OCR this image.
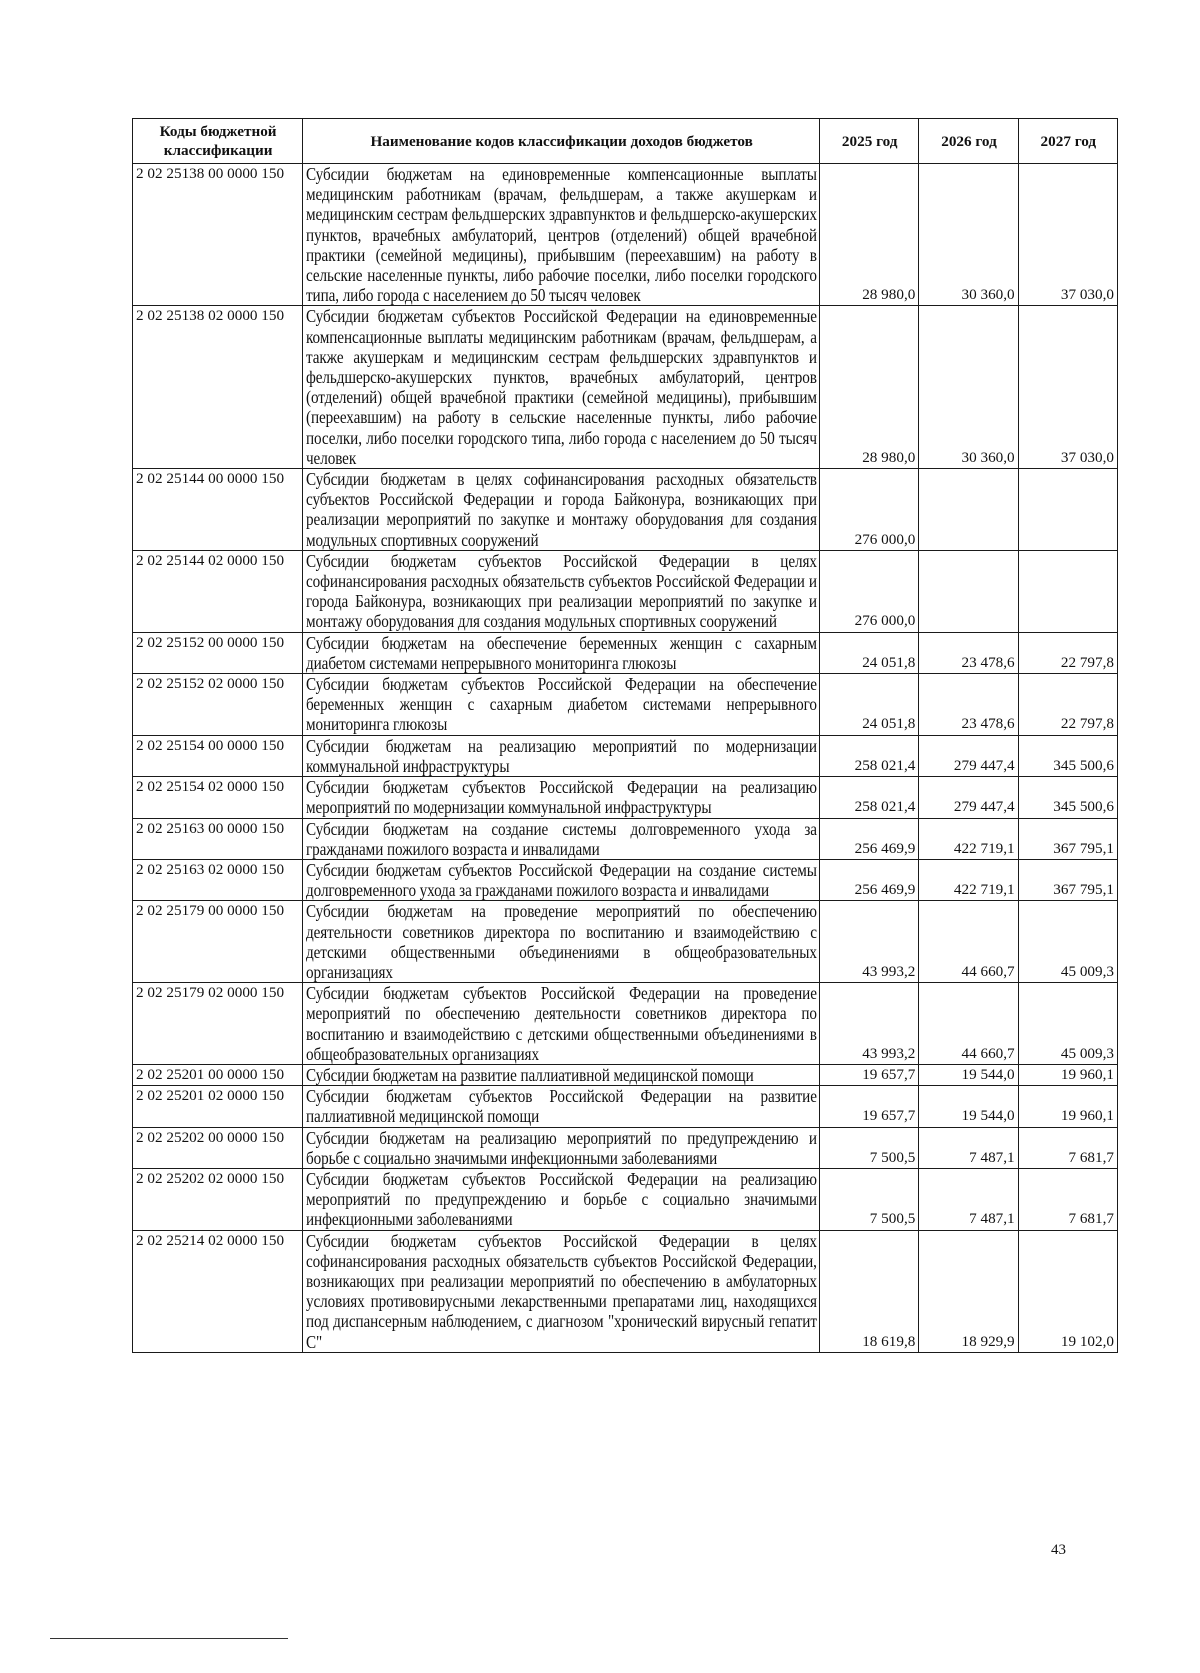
Коды бюджетной классификации	Наименование кодов классификации доходов бюджетов	2025 год	2026 год	2027 год
2 02 25138 00 0000 150	Субсидии бюджетам на единовременные компенсационные выплаты медицинским работникам (врачам, фельдшерам, а также акушеркам и медицинским сестрам фельдшерских здравпунктов и фельдшерско-акушерских пунктов, врачебных амбулаторий, центров (отделений) общей врачебной практики (семейной медицины), прибывшим (переехавшим) на работу в сельские населенные пункты, либо рабочие поселки, либо поселки городского типа, либо города с населением до 50 тысяч человек	28 980,0	30 360,0	37 030,0
2 02 25138 02 0000 150	Субсидии бюджетам субъектов Российской Федерации на единовременные компенсационные выплаты медицинским работникам (врачам, фельдшерам, а также акушеркам и медицинским сестрам фельдшерских здравпунктов и фельдшерско-акушерских пунктов, врачебных амбулаторий, центров (отделений) общей врачебной практики (семейной медицины), прибывшим (переехавшим) на работу в сельские населенные пункты, либо рабочие поселки, либо поселки городского типа, либо города с населением до 50 тысяч человек	28 980,0	30 360,0	37 030,0
2 02 25144 00 0000 150	Субсидии бюджетам в целях софинансирования расходных обязательств субъектов Российской Федерации и города Байконура, возникающих при реализации мероприятий по закупке и монтажу оборудования для создания модульных спортивных сооружений	276 000,0		
2 02 25144 02 0000 150	Субсидии бюджетам субъектов Российской Федерации в целях софинансирования расходных обязательств субъектов Российской Федерации и города Байконура, возникающих при реализации мероприятий по закупке и монтажу оборудования для создания модульных спортивных сооружений	276 000,0		
2 02 25152 00 0000 150	Субсидии бюджетам на обеспечение беременных женщин с сахарным диабетом системами непрерывного мониторинга глюкозы	24 051,8	23 478,6	22 797,8
2 02 25152 02 0000 150	Субсидии бюджетам субъектов Российской Федерации на обеспечение беременных женщин с сахарным диабетом системами непрерывного мониторинга глюкозы	24 051,8	23 478,6	22 797,8
2 02 25154 00 0000 150	Субсидии бюджетам на реализацию мероприятий по модернизации коммунальной инфраструктуры	258 021,4	279 447,4	345 500,6
2 02 25154 02 0000 150	Субсидии бюджетам субъектов Российской Федерации на реализацию мероприятий по модернизации коммунальной инфраструктуры	258 021,4	279 447,4	345 500,6
2 02 25163 00 0000 150	Субсидии бюджетам на создание системы долговременного ухода за гражданами пожилого возраста и инвалидами	256 469,9	422 719,1	367 795,1
2 02 25163 02 0000 150	Субсидии бюджетам субъектов Российской Федерации на создание системы долговременного ухода за гражданами пожилого возраста и инвалидами	256 469,9	422 719,1	367 795,1
2 02 25179 00 0000 150	Субсидии бюджетам на проведение мероприятий по обеспечению деятельности советников директора по воспитанию и взаимодействию с детскими общественными объединениями в общеобразовательных организациях	43 993,2	44 660,7	45 009,3
2 02 25179 02 0000 150	Субсидии бюджетам субъектов Российской Федерации на проведение мероприятий по обеспечению деятельности советников директора по воспитанию и взаимодействию с детскими общественными объединениями в общеобразовательных организациях	43 993,2	44 660,7	45 009,3
2 02 25201 00 0000 150	Субсидии бюджетам на развитие паллиативной медицинской помощи	19 657,7	19 544,0	19 960,1
2 02 25201 02 0000 150	Субсидии бюджетам субъектов Российской Федерации на развитие паллиативной медицинской помощи	19 657,7	19 544,0	19 960,1
2 02 25202 00 0000 150	Субсидии бюджетам на реализацию мероприятий по предупреждению и борьбе с социально значимыми инфекционными заболеваниями	7 500,5	7 487,1	7 681,7
2 02 25202 02 0000 150	Субсидии бюджетам субъектов Российской Федерации на реализацию мероприятий по предупреждению и борьбе с социально значимыми инфекционными заболеваниями	7 500,5	7 487,1	7 681,7
2 02 25214 02 0000 150	Субсидии бюджетам субъектов Российской Федерации в целях софинансирования расходных обязательств субъектов Российской Федерации, возникающих при реализации мероприятий по обеспечению в амбулаторных условиях противовирусными лекарственными препаратами лиц, находящихся под диспансерным наблюдением, с диагнозом "хронический вирусный гепатит С"	18 619,8	18 929,9	19 102,0
43
